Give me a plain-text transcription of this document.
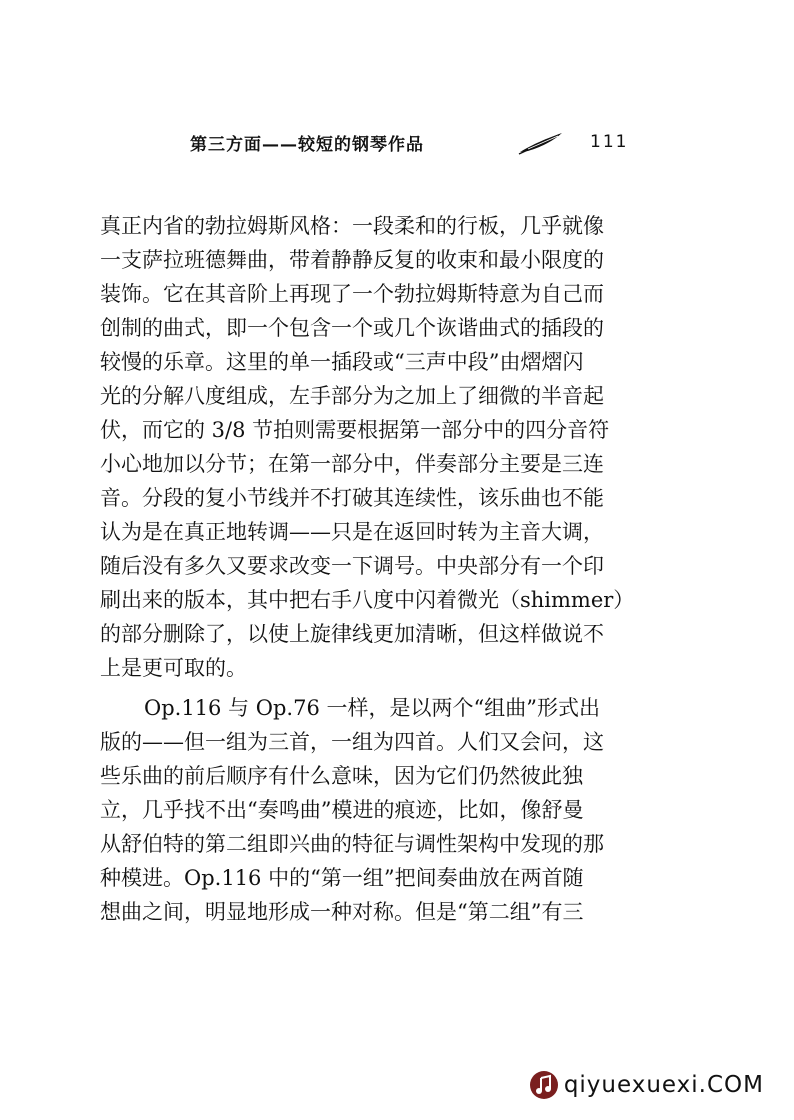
第三方面——较短的钢琴作品	111
真正内省的勃拉姆斯风格：一段柔和的行板，几乎就像
一支萨拉班德舞曲，带着静静反复的收束和最小限度的
装饰。它在其音阶上再现了一个勃拉姆斯特意为自己而
创制的曲式，即一个包含一个或几个诙谐曲式的插段的
较慢的乐章。这里的单一插段或“三声中段”由熠熠闪
光的分解八度组成，左手部分为之加上了细微的半音起
伏，而它的 3/8 节拍则需要根据第一部分中的四分音符
小心地加以分节；在第一部分中，伴奏部分主要是三连
音。分段的复小节线并不打破其连续性，该乐曲也不能
认为是在真正地转调——只是在返回时转为主音大调，
随后没有多久又要求改变一下调号。中央部分有一个印
刷出来的版本，其中把右手八度中闪着微光（shimmer）
的部分删除了，以使上旋律线更加清晰，但这样做说不
上是更可取的。
Op.116 与 Op.76 一样，是以两个“组曲”形式出
版的——但一组为三首，一组为四首。人们又会问，这
些乐曲的前后顺序有什么意味，因为它们仍然彼此独
立，几乎找不出“奏鸣曲”模进的痕迹，比如，像舒曼
从舒伯特的第二组即兴曲的特征与调性架构中发现的那
种模进。Op.116 中的“第一组”把间奏曲放在两首随
想曲之间，明显地形成一种对称。但是“第二组”有三
qiyuexuexi.COM
